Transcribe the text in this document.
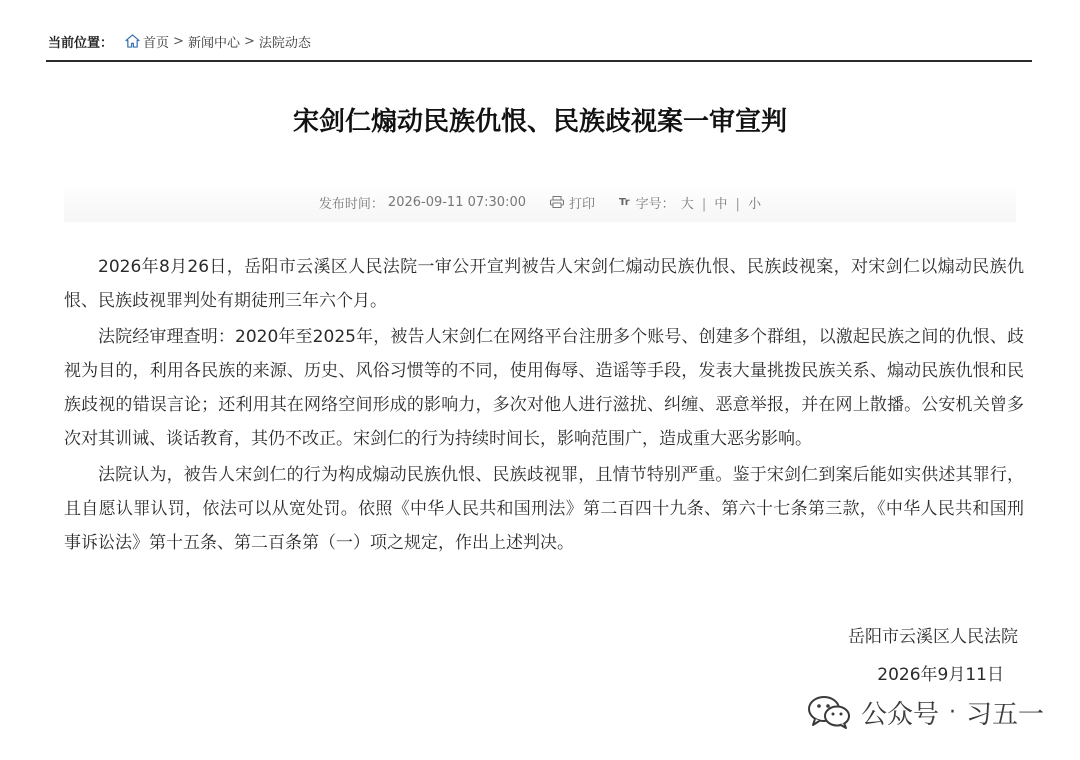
当前位置： 首页 > 新闻中心 > 法院动态
宋剑仁煽动民族仇恨、民族歧视案一审宣判
发布时间： 2026-09-11 07:30:00	打印 Tr 字号： 大 | 中 | 小

2026年8月26日，岳阳市云溪区人民法院一审公开宣判被告人宋剑仁煽动民族仇恨、民族歧视案，对宋剑仁以煽动民族仇恨、民族歧视罪判处有期徒刑三年六个月。

法院经审理查明：2020年至2025年，被告人宋剑仁在网络平台注册多个账号、创建多个群组，以激起民族之间的仇恨、歧视为目的，利用各民族的来源、历史、风俗习惯等的不同，使用侮辱、造谣等手段，发表大量挑拨民族关系、煽动民族仇恨和民族歧视的错误言论；还利用其在网络空间形成的影响力，多次对他人进行滋扰、纠缠、恶意举报，并在网上散播。公安机关曾多次对其训诫、谈话教育，其仍不改正。宋剑仁的行为持续时间长，影响范围广，造成重大恶劣影响。

法院认为，被告人宋剑仁的行为构成煽动民族仇恨、民族歧视罪，且情节特别严重。鉴于宋剑仁到案后能如实供述其罪行，且自愿认罪认罚，依法可以从宽处罚。依照《中华人民共和国刑法》第二百四十九条、第六十七条第三款，《中华人民共和国刑事诉讼法》第十五条、第二百条第（一）项之规定，作出上述判决。

岳阳市云溪区人民法院
2026年9月11日
公众号 · 习五一
